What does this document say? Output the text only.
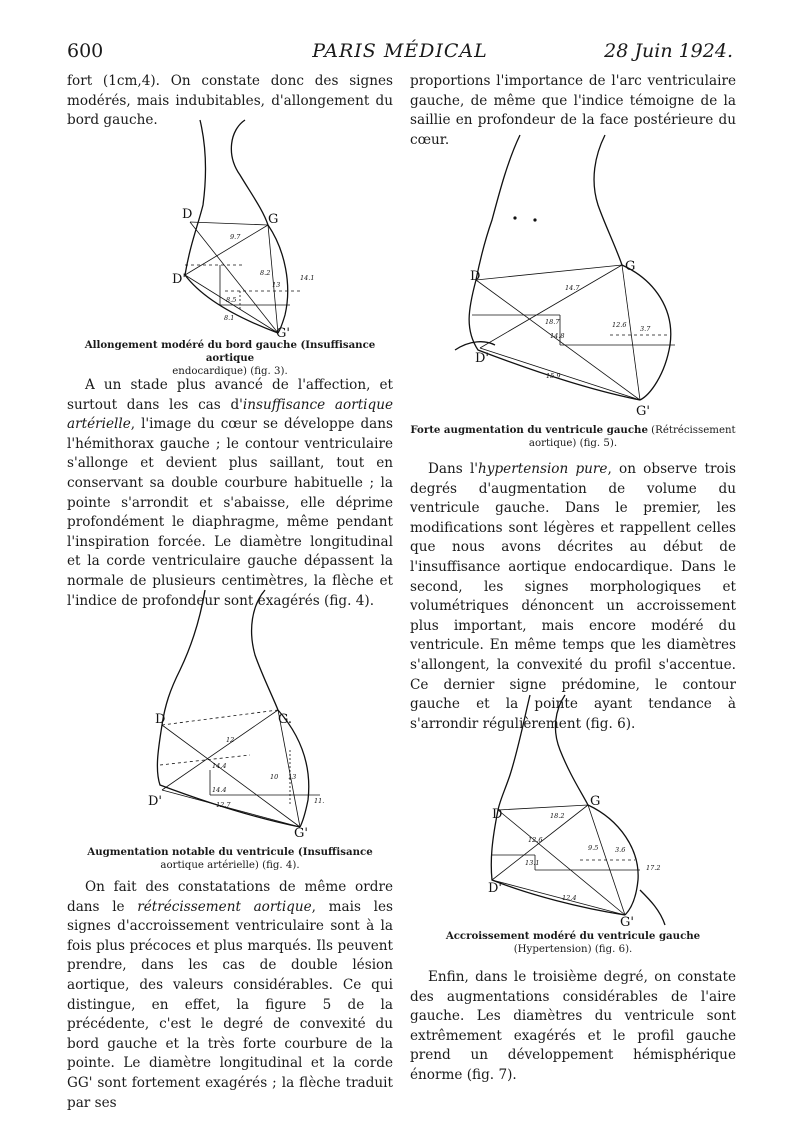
600	PARIS MÉDICAL	28 Juin 1924.

fort (1cm,4). On constate donc des signes modérés, mais indubitables, d'allongement du bord gauche.

D	G
D'
G'
9.7
8.2
13
14.1
8.5
8.1
Allongement modéré du bord gauche (Insuffisance aortique
endocardique) (fig. 3).

A un stade plus avancé de l'affection, et surtout dans les cas d'insuffisance aortique artérielle, l'image du cœur se développe dans l'hémithorax gauche ; le contour ventriculaire s'allonge et devient plus saillant, tout en conservant sa double courbure habituelle ; la pointe s'arrondit et s'abaisse, elle déprime profondément le diaphragme, même pendant l'inspiration forcée. Le diamètre longitudinal et la corde ventriculaire gauche dépassent la normale de plusieurs centimètres, la flèche et l'indice de profondeur sont exagérés (fig. 4).

D	G.
D'
G'
12
14.4
10 13
14.4
12.7	11.
Augmentation notable du ventricule (Insuffisance
aortique artérielle) (fig. 4).

On fait des constatations de même ordre dans le rétrécissement aortique, mais les signes d'accroissement ventriculaire sont à la fois plus précoces et plus marqués. Ils peuvent prendre, dans les cas de double lésion aortique, des valeurs considérables. Ce qui distingue, en effet, la figure 5 de la précédente, c'est le degré de convexité du bord gauche et la très forte courbure de la pointe. Le diamètre longitudinal et la corde GG' sont fortement exagérés ; la flèche traduit par ses

proportions l'importance de l'arc ventriculaire gauche, de même que l'indice témoigne de la saillie en profondeur de la face postérieure du cœur.

D
G
D'
G'
14.7
18.7	12.6 3.7
14.8
15.9
Forte augmentation du ventricule gauche (Rétrécissement aortique) (fig. 5).

Dans l'hypertension pure, on observe trois degrés d'augmentation de volume du ventricule gauche. Dans le premier, les modifications sont légères et rappellent celles que nous avons décrites au début de l'insuffisance aortique endocardique. Dans le second, les signes morphologiques et volumétriques dénoncent un accroissement plus important, mais encore modéré du ventricule. En même temps que les diamètres s'allongent, la convexité du profil s'accentue. Ce dernier signe prédomine, le contour gauche et la pointe ayant tendance à s'arrondir régulièrement (fig. 6).

D
G
D'
G'
18.2
12.6
9.5	3.6
13.1
12.4
17.2
Accroissement modéré du ventricule gauche (Hypertension) (fig. 6).

Enfin, dans le troisième degré, on constate des augmentations considérables de l'aire gauche. Les diamètres du ventricule sont extrêmement exagérés et le profil gauche prend un développement hémisphérique énorme (fig. 7).
